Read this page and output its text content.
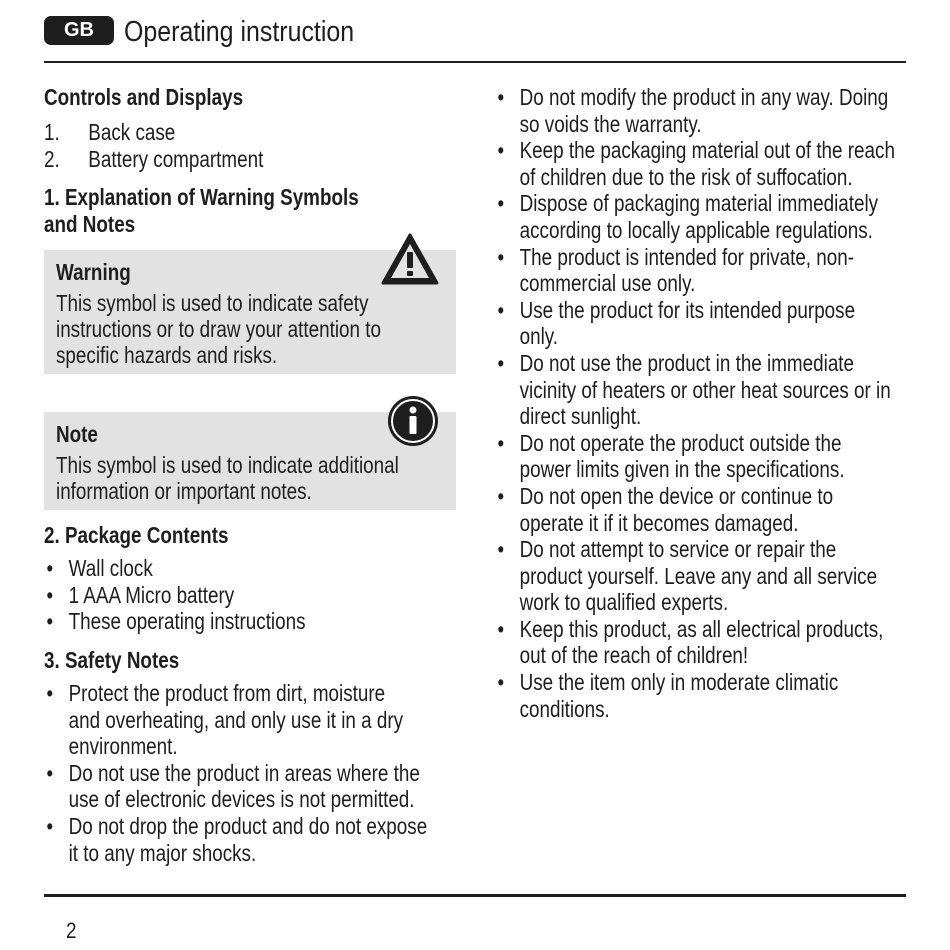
GB	Operating instruction
Controls and Displays
1. Back case
2. Battery compartment
1. Explanation of Warning Symbols
and Notes
Warning

This symbol is used to indicate safety
instructions or to draw your attention to
specific hazards and risks.

Note

This symbol is used to indicate additional
information or important notes.

2. Package Contents
• Wall clock
• 1 AAA Micro battery
• These operating instructions
3. Safety Notes
• Protect the product from dirt, moisture
and overheating, and only use it in a dry
environment.
• Do not use the product in areas where the
use of electronic devices is not permitted.
• Do not drop the product and do not expose
it to any major shocks.
• Do not modify the product in any way. Doing
so voids the warranty.
• Keep the packaging material out of the reach
of children due to the risk of suffocation.
• Dispose of packaging material immediately
according to locally applicable regulations.
• The product is intended for private, non-
commercial use only.
• Use the product for its intended purpose
only.
• Do not use the product in the immediate
vicinity of heaters or other heat sources or in
direct sunlight.
• Do not operate the product outside the
power limits given in the specifications.
• Do not open the device or continue to
operate it if it becomes damaged.
• Do not attempt to service or repair the
product yourself. Leave any and all service
work to qualified experts.
• Keep this product, as all electrical products,
out of the reach of children!
• Use the item only in moderate climatic
conditions.
2
